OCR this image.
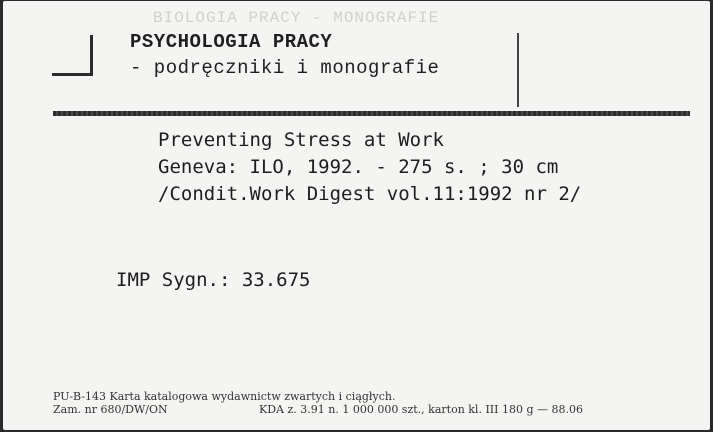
BIOLOGIA PRACY - MONOGRAFIE
PSYCHOLOGIA PRACY
- podręczniki i monografie
Preventing Stress at Work
Geneva: ILO, 1992. - 275 s. ; 30 cm
/Condit.Work Digest vol.11:1992 nr 2/
IMP Sygn.: 33.675
PU-B-143 Karta katalogowa wydawnictw zwartych i ciągłych.
Zam. nr 680/DW/ON	KDA z. 3.91 n. 1 000 000 szt., karton kl. III 180 g — 88.06
